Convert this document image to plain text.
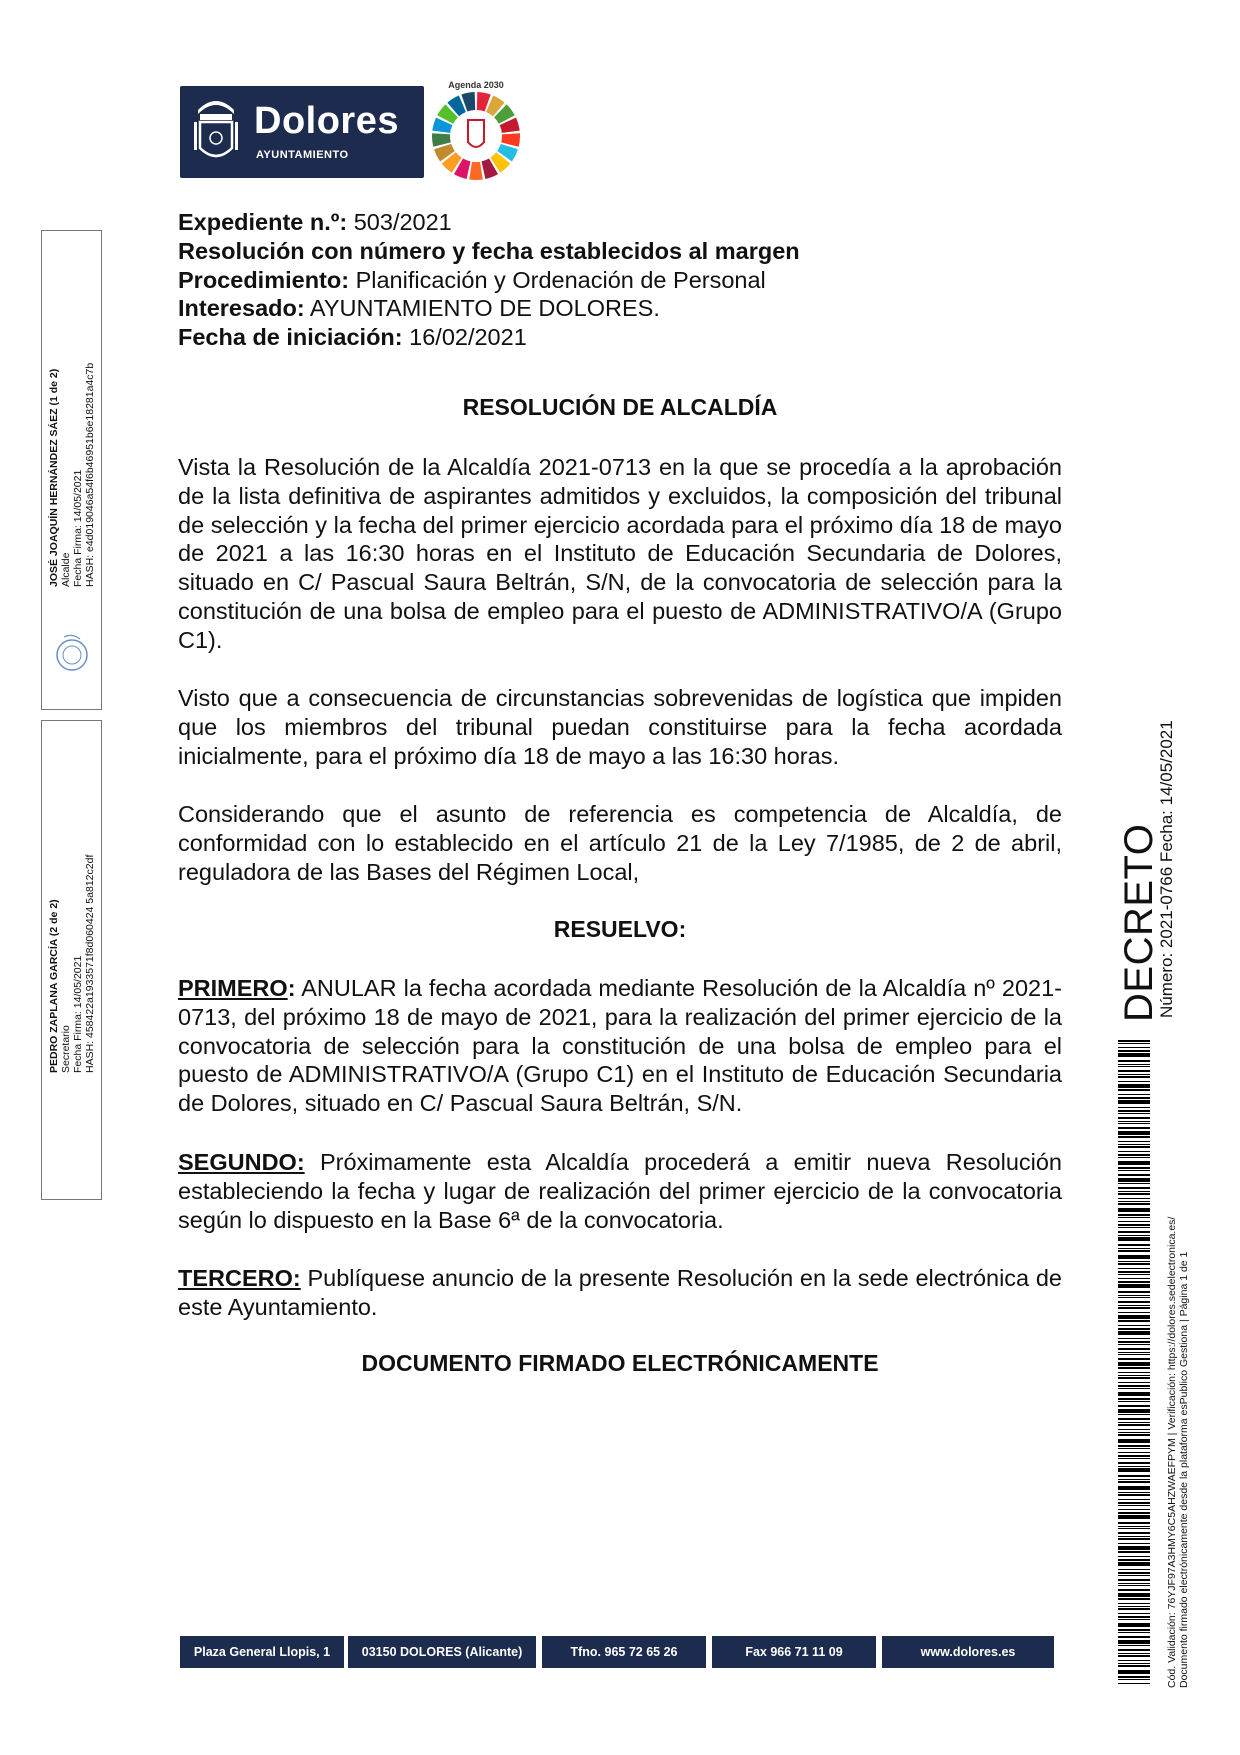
Dolores
AYUNTAMIENTO
Agenda 2030
Expediente n.º: 503/2021
Resolución con número y fecha establecidos al margen
Procedimiento: Planificación y Ordenación de Personal
Interesado: AYUNTAMIENTO DE DOLORES.
Fecha de iniciación: 16/02/2021
RESOLUCIÓN DE ALCALDÍA
Vista la Resolución de la Alcaldía 2021-0713 en la que se procedía a la aprobación de la lista definitiva de aspirantes admitidos y excluidos, la composición del tribunal de selección y la fecha del primer ejercicio acordada para el próximo día 18 de mayo de 2021 a las 16:30 horas en el Instituto de Educación Secundaria de Dolores, situado en C/ Pascual Saura Beltrán, S/N, de la convocatoria de selección para la constitución de una bolsa de empleo para el puesto de ADMINISTRATIVO/A (Grupo C1).
Visto que a consecuencia de circunstancias sobrevenidas de logística que impiden que los miembros del tribunal puedan constituirse para la fecha acordada inicialmente, para el próximo día 18 de mayo a las 16:30 horas.
Considerando que el asunto de referencia es competencia de Alcaldía, de conformidad con lo establecido en el artículo 21 de la Ley 7/1985, de 2 de abril, reguladora de las Bases del Régimen Local,
RESUELVO:
PRIMERO: ANULAR la fecha acordada mediante Resolución de la Alcaldía nº 2021-0713, del próximo 18 de mayo de 2021, para la realización del primer ejercicio de la convocatoria de selección para la constitución de una bolsa de empleo para el puesto de ADMINISTRATIVO/A (Grupo C1) en el Instituto de Educación Secundaria de Dolores, situado en C/ Pascual Saura Beltrán, S/N.
SEGUNDO: Próximamente esta Alcaldía procederá a emitir nueva Resolución estableciendo la fecha y lugar de realización del primer ejercicio de la convocatoria según lo dispuesto en la Base 6ª de la convocatoria.
TERCERO: Publíquese anuncio de la presente Resolución en la sede electrónica de este Ayuntamiento.
DOCUMENTO FIRMADO ELECTRÓNICAMENTE
JOSÉ JOAQUÍN HERNÁNDEZ SÁEZ (1 de 2) Alcalde Fecha Firma: 14/05/2021 HASH: e4d019046a54f6b46951b6e18281a4c7b
PEDRO ZAPLANA GARCÍA (2 de 2) Secretario Fecha Firma: 14/05/2021 HASH: 458422a1933571f8d060424 5a812c2df	DECRETO
Número: 2021-0766 Fecha: 14/05/2021
Cód. Validación: 76YJF97A3HMY6C5AHZWAEFPYM | Verificación: https://dolores.sedelectronica.es/ Documento firmado electrónicamente desde la plataforma esPublico Gestiona | Página 1 de 1
Plaza General Llopis, 1	03150 DOLORES (Alicante)	Tfno. 965 72 65 26	Fax 966 71 11 09	www.dolores.es
